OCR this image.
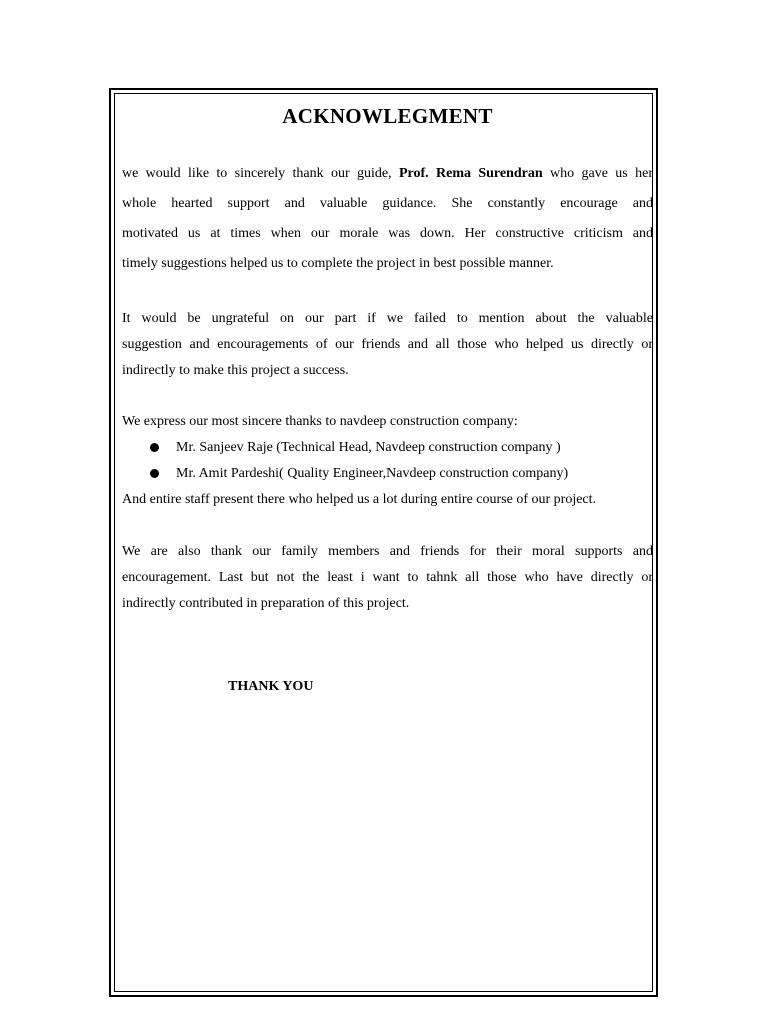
ACKNOWLEGMENT
we would like to sincerely thank our guide, Prof. Rema Surendran who gave us her
whole hearted support and valuable guidance. She constantly encourage and
motivated us at times when our morale was down. Her constructive criticism and
timely suggestions helped us to complete the project in best possible manner.
It would be ungrateful on our part if we failed to mention about the valuable
suggestion and encouragements of our friends and all those who helped us directly or
indirectly to make this project a success.
We express our most sincere thanks to navdeep construction company:
Mr. Sanjeev Raje (Technical Head, Navdeep construction company )
Mr. Amit Pardeshi( Quality Engineer,Navdeep construction company)
And entire staff present there who helped us a lot during entire course of our project.
We are also thank our family members and friends for their moral supports and
encouragement. Last but not the least i want to tahnk all those who have directly or
indirectly contributed in preparation of this project.
THANK YOU
